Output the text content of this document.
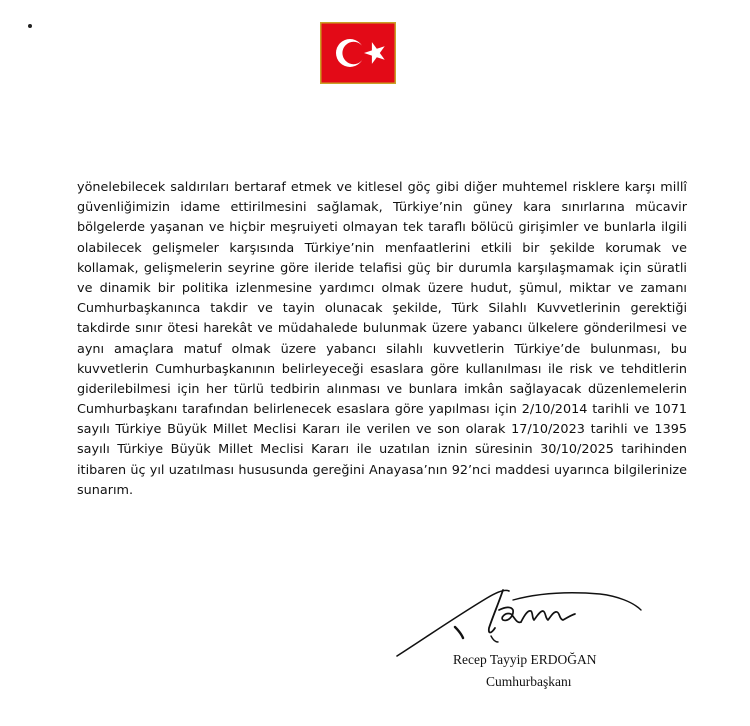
yönelebilecek saldırıları bertaraf etmek ve kitlesel göç gibi diğer muhtemel risklere karşı millî
güvenliğimizin idame ettirilmesini sağlamak, Türkiye’nin güney kara sınırlarına mücavir
bölgelerde yaşanan ve hiçbir meşruiyeti olmayan tek taraflı bölücü girişimler ve bunlarla ilgili
olabilecek gelişmeler karşısında Türkiye’nin menfaatlerini etkili bir şekilde korumak ve
kollamak, gelişmelerin seyrine göre ileride telafisi güç bir durumla karşılaşmamak için süratli
ve dinamik bir politika izlenmesine yardımcı olmak üzere hudut, şümul, miktar ve zamanı
Cumhurbaşkanınca takdir ve tayin olunacak şekilde, Türk Silahlı Kuvvetlerinin gerektiği
takdirde sınır ötesi harekât ve müdahalede bulunmak üzere yabancı ülkelere gönderilmesi ve
aynı amaçlara matuf olmak üzere yabancı silahlı kuvvetlerin Türkiye’de bulunması, bu
kuvvetlerin Cumhurbaşkanının belirleyeceği esaslara göre kullanılması ile risk ve tehditlerin
giderilebilmesi için her türlü tedbirin alınması ve bunlara imkân sağlayacak düzenlemelerin
Cumhurbaşkanı tarafından belirlenecek esaslara göre yapılması için 2/10/2014 tarihli ve 1071
sayılı Türkiye Büyük Millet Meclisi Kararı ile verilen ve son olarak 17/10/2023 tarihli ve 1395
sayılı Türkiye Büyük Millet Meclisi Kararı ile uzatılan iznin süresinin 30/10/2025 tarihinden
itibaren üç yıl uzatılması hususunda gereğini Anayasa’nın 92’nci maddesi uyarınca bilgilerinize
sunarım.
Recep Tayyip ERDOĞAN
Cumhurbaşkanı
